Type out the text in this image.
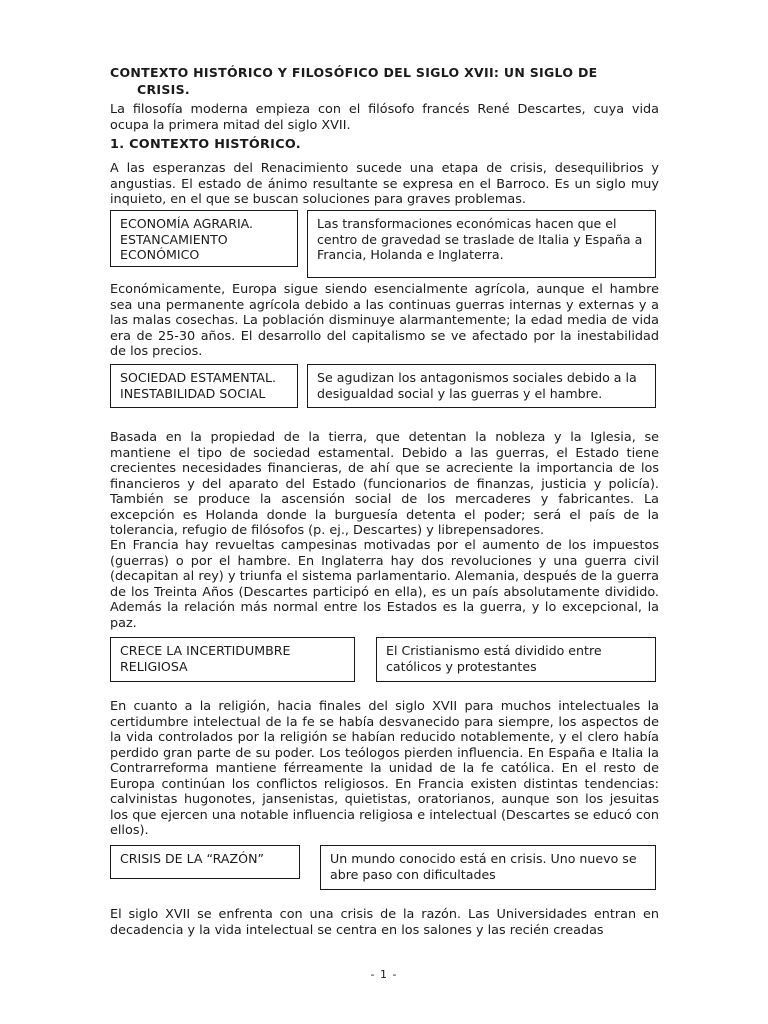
CONTEXTO HISTÓRICO Y FILOSÓFICO DEL SIGLO XVII: UN SIGLO DE
CRISIS.
La filosofía moderna empieza con el filósofo francés René Descartes, cuya vida ocupa la primera mitad del siglo XVII.
1. CONTEXTO HISTÓRICO.
A las esperanzas del Renacimiento sucede una etapa de crisis, desequilibrios y angustias. El estado de ánimo resultante se expresa en el Barroco. Es un siglo muy inquieto, en el que se buscan soluciones para graves problemas.
ECONOMÍA AGRARIA. ESTANCAMIENTO ECONÓMICO
Las transformaciones económicas hacen que el centro de gravedad se traslade de Italia y España a Francia, Holanda e Inglaterra.
Económicamente, Europa sigue siendo esencialmente agrícola, aunque el hambre sea una permanente agrícola debido a las continuas guerras internas y externas y a las malas cosechas. La población disminuye alarmantemente; la edad media de vida era de 25-30 años. El desarrollo del capitalismo se ve afectado por la inestabilidad de los precios.
SOCIEDAD ESTAMENTAL. INESTABILIDAD SOCIAL
Se agudizan los antagonismos sociales debido a la desigualdad social y las guerras y el hambre.
Basada en la propiedad de la tierra, que detentan la nobleza y la Iglesia, se mantiene el tipo de sociedad estamental. Debido a las guerras, el Estado tiene crecientes necesidades financieras, de ahí que se acreciente la importancia de los financieros y del aparato del Estado (funcionarios de finanzas, justicia y policía). También se produce la ascensión social de los mercaderes y fabricantes. La excepción es Holanda donde la burguesía detenta el poder; será el país de la tolerancia, refugio de filósofos (p. ej., Descartes) y librepensadores.
En Francia hay revueltas campesinas motivadas por el aumento de los impuestos (guerras) o por el hambre. En Inglaterra hay dos revoluciones y una guerra civil (decapitan al rey) y triunfa el sistema parlamentario. Alemania, después de la guerra de los Treinta Años (Descartes participó en ella), es un país absolutamente dividido. Además la relación más normal entre los Estados es la guerra, y lo excepcional, la paz.
CRECE LA INCERTIDUMBRE RELIGIOSA
El Cristianismo está dividido entre católicos y protestantes
En cuanto a la religión, hacia finales del siglo XVII para muchos intelectuales la certidumbre intelectual de la fe se había desvanecido para siempre, los aspectos de la vida controlados por la religión se habían reducido notablemente, y el clero había perdido gran parte de su poder. Los teólogos pierden influencia. En España e Italia la Contrarreforma mantiene férreamente la unidad de la fe católica. En el resto de Europa continúan los conflictos religiosos. En Francia existen distintas tendencias: calvinistas hugonotes, jansenistas, quietistas, oratorianos, aunque son los jesuitas los que ejercen una notable influencia religiosa e intelectual (Descartes se educó con ellos).
CRISIS DE LA “RAZÓN”	Un mundo conocido está en crisis. Uno nuevo se abre paso con dificultades
El siglo XVII se enfrenta con una crisis de la razón. Las Universidades entran en decadencia y la vida intelectual se centra en los salones y las recién creadas
- 1 -
